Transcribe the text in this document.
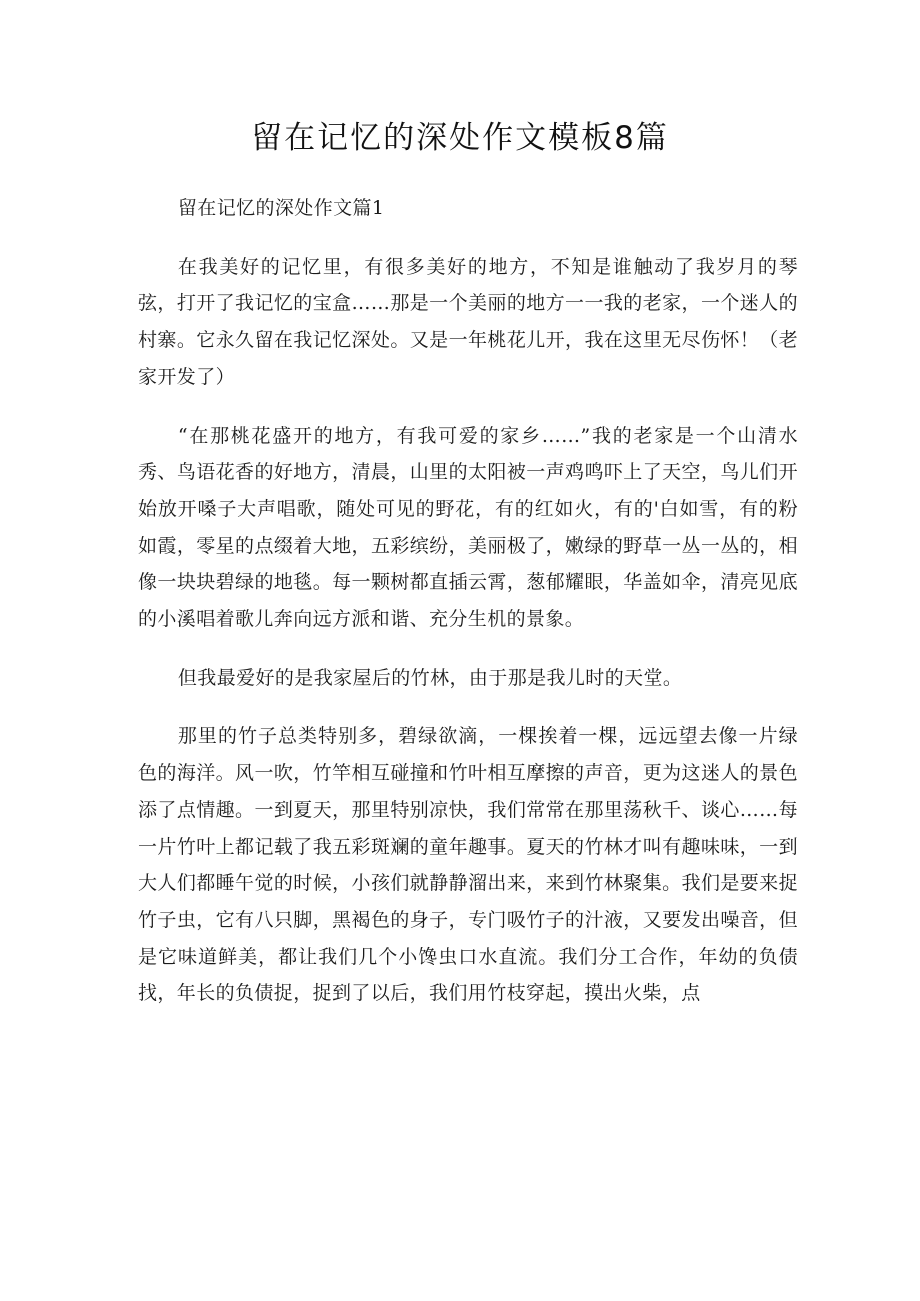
留在记忆的深处作文模板8篇

留在记忆的深处作文篇1

在我美好的记忆里，有很多美好的地方，不知是谁触动了我岁月的琴弦，打开了我记忆的宝盒……那是一个美丽的地方一一我的老家，一个迷人的村寨。它永久留在我记忆深处。又是一年桃花儿开，我在这里无尽伤怀！（老家开发了）

“在那桃花盛开的地方，有我可爱的家乡……”我的老家是一个山清水秀、鸟语花香的好地方，清晨，山里的太阳被一声鸡鸣吓上了天空，鸟儿们开始放开嗓子大声唱歌，随处可见的野花，有的红如火，有的'白如雪，有的粉如霞，零星的点缀着大地，五彩缤纷，美丽极了，嫩绿的野草一丛一丛的，相像一块块碧绿的地毯。每一颗树都直插云霄，葱郁耀眼，华盖如伞，清亮见底的小溪唱着歌儿奔向远方派和谐、充分生机的景象。

但我最爱好的是我家屋后的竹林，由于那是我儿时的天堂。

那里的竹子总类特别多，碧绿欲滴，一棵挨着一棵，远远望去像一片绿色的海洋。风一吹，竹竿相互碰撞和竹叶相互摩擦的声音，更为这迷人的景色添了点情趣。一到夏天，那里特别凉快，我们常常在那里荡秋千、谈心……每一片竹叶上都记载了我五彩斑斓的童年趣事。夏天的竹林才叫有趣味味，一到大人们都睡午觉的时候，小孩们就静静溜出来，来到竹林聚集。我们是要来捉竹子虫，它有八只脚，黑褐色的身子，专门吸竹子的汁液，又要发出噪音，但是它味道鲜美，都让我们几个小馋虫口水直流。我们分工合作，年幼的负债找，年长的负债捉，捉到了以后，我们用竹枝穿起，摸出火柴，点
